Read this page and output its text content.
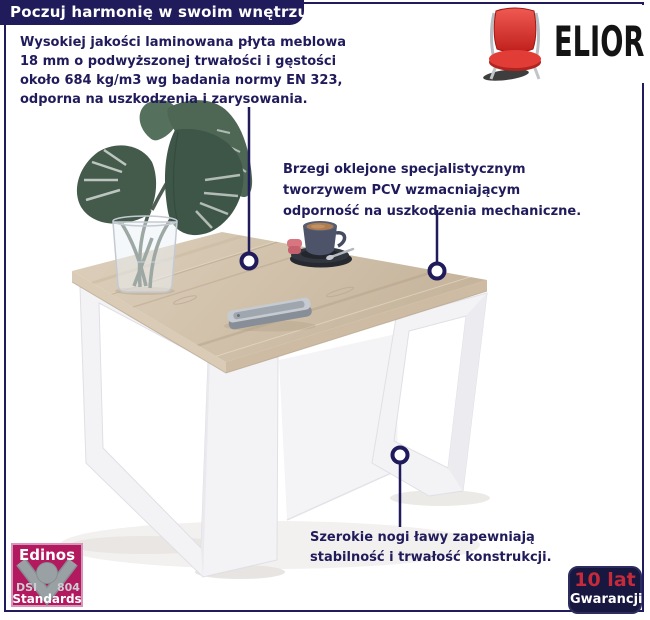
Poczuj harmonię w swoim wnętrzu
Wysokiej jakości laminowana płyta meblowa
18 mm o podwyższonej trwałości i gęstości
około 684 kg/m3 wg badania normy EN 323,
odporna na uszkodzenia i zarysowania.
ELIOR
Brzegi oklejone specjalistycznym
tworzywem PCV wzmacniającym
odporność na uszkodzenia mechaniczne.
Szerokie nogi ławy zapewniają
stabilność i trwałość konstrukcji.
Edinos
DSI 804
Standards
10 lat
Gwarancji
